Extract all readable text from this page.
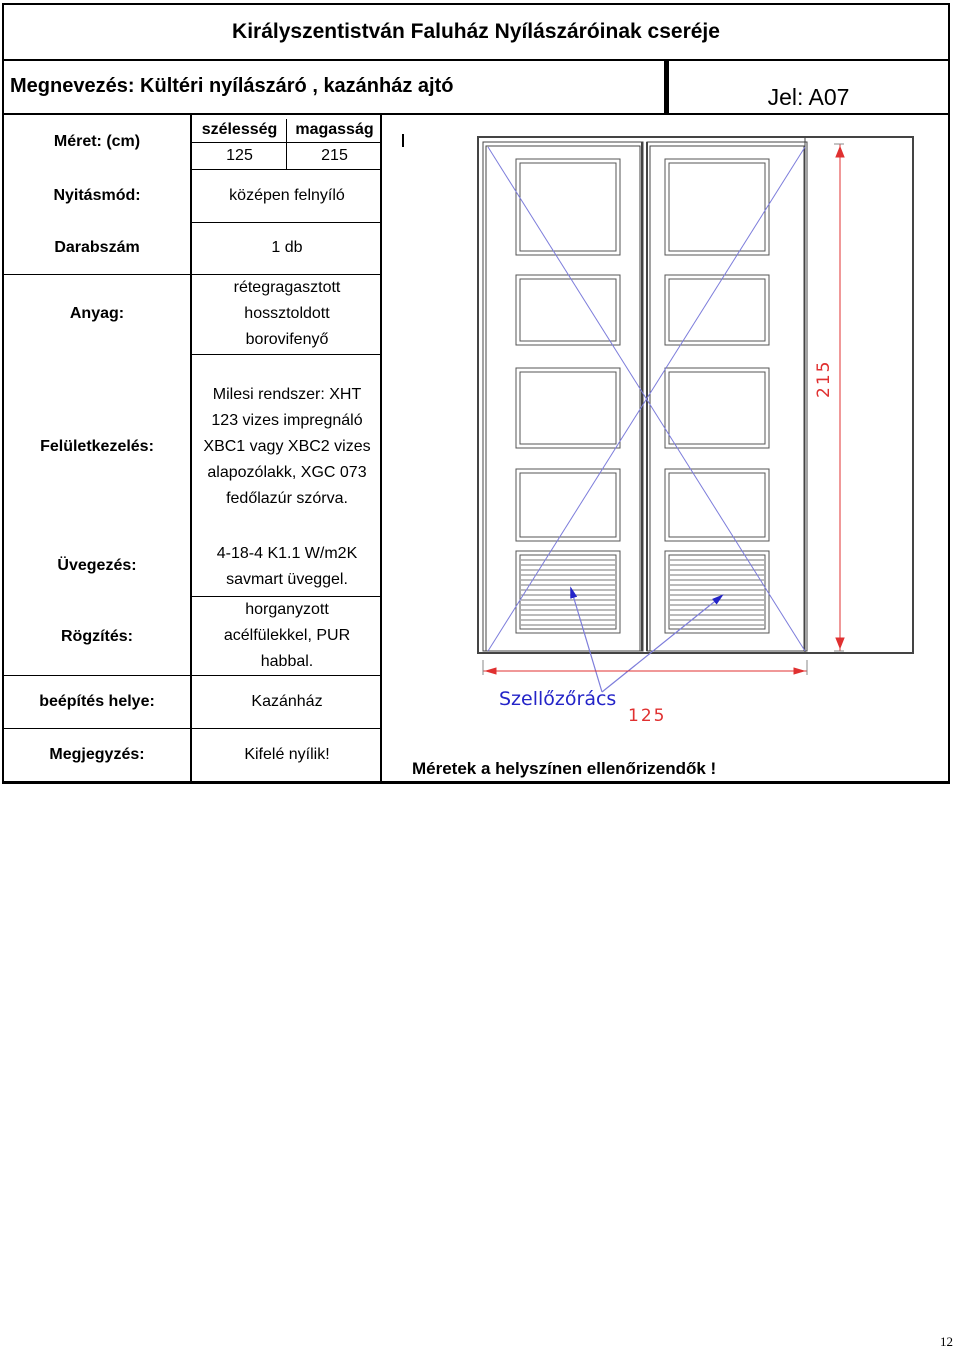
Királyszentistván Faluház Nyílászáróinak cseréje
Megnevezés: Kültéri nyílászáró , kazánház ajtó	Jel: A07
Méret: (cm)
szélesség	magasság
125	215
Nyitásmód:	középen felnyíló
Darabszám	1 db
Anyag:
rétegragasztott
hossztoldott
borovifenyő
Felületkezelés:
Milesi rendszer: XHT
123 vizes impregnáló
XBC1 vagy XBC2 vizes
alapozólakk, XGC 073
fedőlazúr szórva.
Üvegezés:
4-18-4 K1.1 W/m2K
savmart üveggel.
Rögzítés:
horganyzott
acélfülekkel, PUR
habbal.
beépítés helye:	Kazánház
Megjegyzés:	Kifelé nyílik!
215
125
Szellőzőrács
Méretek a helyszínen ellenőrizendők !
12
